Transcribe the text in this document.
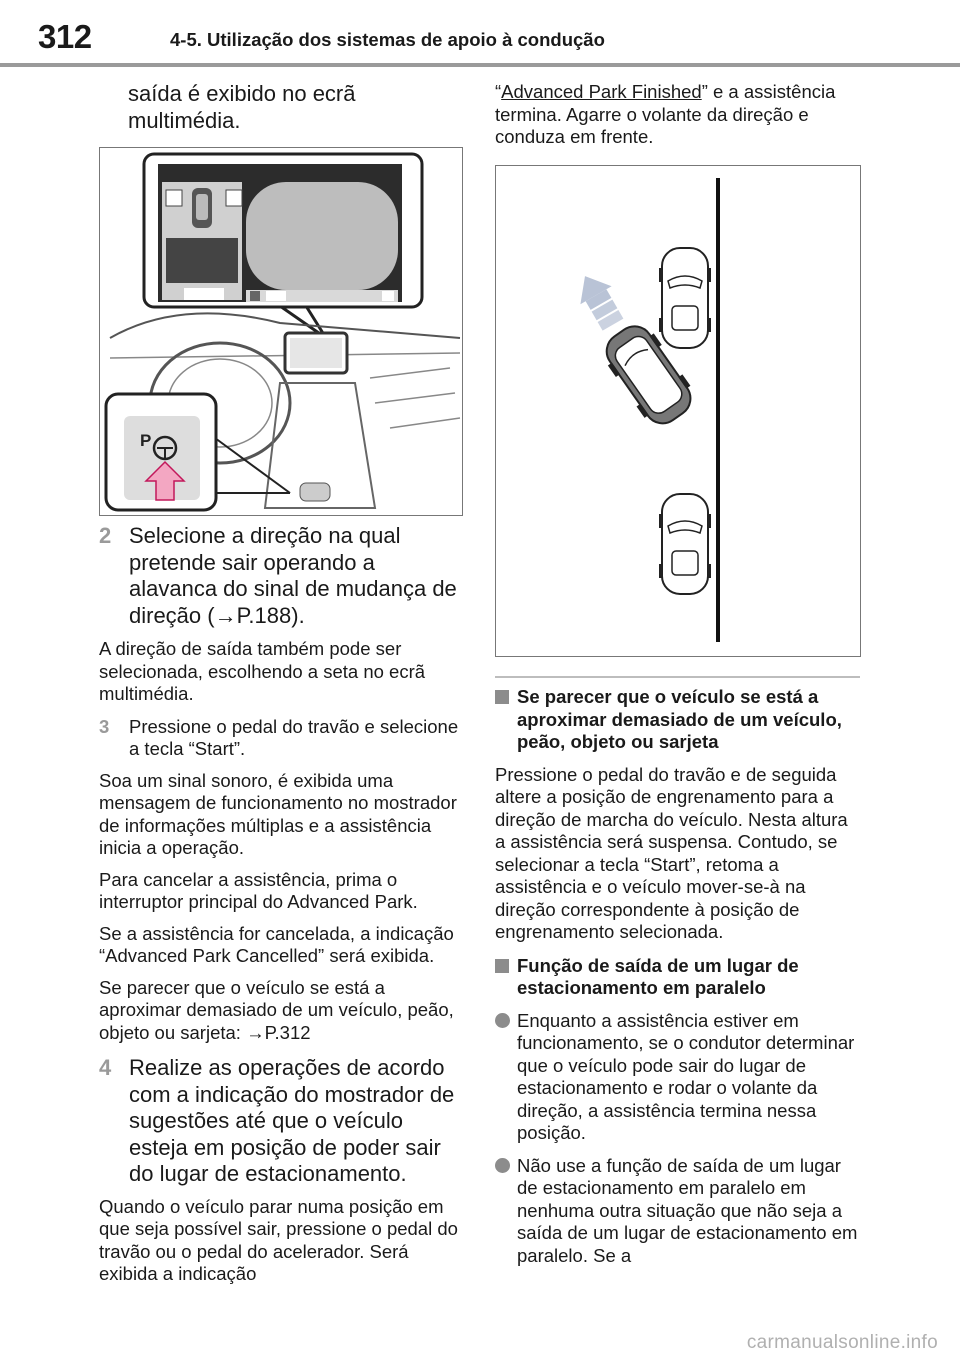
312	4-5. Utilização dos sistemas de apoio à condução

saída é exibido no ecrã multimédia.

P
2 Selecione a direção na qual pretende sair operando a alavanca do sinal de mudança de direção (→P.188).

A direção de saída também pode ser selecionada, escolhendo a seta no ecrã multimédia.

3 Pressione o pedal do travão e selecione a tecla “Start”.

Soa um sinal sonoro, é exibida uma mensagem de funcionamento no mostrador de informações múltiplas e a assistência inicia a operação.

Para cancelar a assistência, prima o interruptor principal do Advanced Park.

Se a assistência for cancelada, a indicação “Advanced Park Cancelled” será exibida.

Se parecer que o veículo se está a aproximar demasiado de um veículo, peão, objeto ou sarjeta: →P.312

4 Realize as operações de acordo com a indicação do mostrador de sugestões até que o veículo esteja em posição de poder sair do lugar de estacionamento.

Quando o veículo parar numa posição em que seja possível sair, pressione o pedal do travão ou o pedal do acelerador. Será exibida a indicação

“Advanced Park Finished” e a assistência termina. Agarre o volante da direção e conduza em frente.

Se parecer que o veículo se está a aproximar demasiado de um veículo, peão, objeto ou sarjeta

Pressione o pedal do travão e de seguida altere a posição de engrenamento para a direção de marcha do veículo. Nesta altura a assistência será suspensa. Contudo, se selecionar a tecla “Start”, retoma a assistência e o veículo mover-se-à na direção correspondente à posição de engrenamento selecionada.

Função de saída de um lugar de estacionamento em paralelo
Enquanto a assistência estiver em funcionamento, se o condutor determinar que o veículo pode sair do lugar de estacionamento e rodar o volante da direção, a assistência termina nessa posição.
Não use a função de saída de um lugar de estacionamento em paralelo em nenhuma outra situação que não seja a saída de um lugar de estacionamento em paralelo. Se a
carmanualsonline.info
